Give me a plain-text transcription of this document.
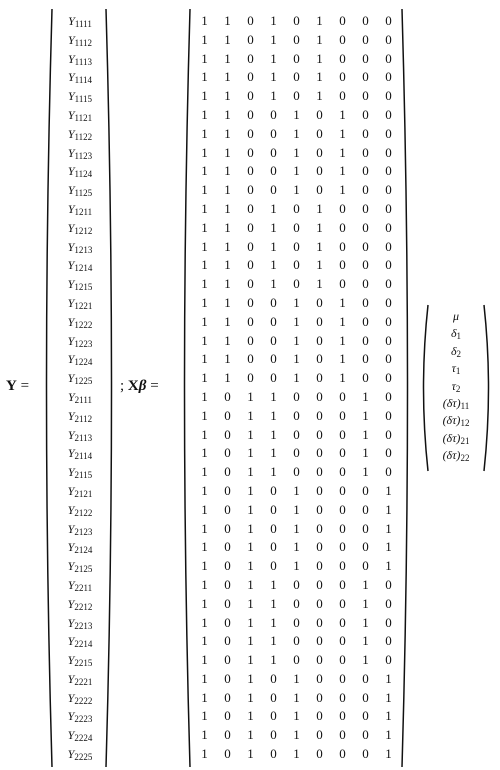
Y =
$Y_{1111}$
$Y_{1112}$
$Y_{1113}$
$Y_{1114}$
$Y_{1115}$
$Y_{1121}$
$Y_{1122}$
$Y_{1123}$
$Y_{1124}$
$Y_{1125}$
$Y_{1211}$
$Y_{1212}$
$Y_{1213}$
$Y_{1214}$
$Y_{1215}$
$Y_{1221}$
$Y_{1222}$
$Y_{1223}$
$Y_{1224}$
$Y_{1225}$
$Y_{2111}$
$Y_{2112}$
$Y_{2113}$
$Y_{2114}$
$Y_{2115}$
$Y_{2121}$
$Y_{2122}$
$Y_{2123}$
$Y_{2124}$
$Y_{2125}$
$Y_{2211}$
$Y_{2212}$
$Y_{2213}$
$Y_{2214}$
$Y_{2215}$
$Y_{2221}$
$Y_{2222}$
$Y_{2223}$
$Y_{2224}$
$Y_{2225}$
; Xβ =
1	1	0	1	0	1	0	0	0
1	1	0	1	0	1	0	0	0
1	1	0	1	0	1	0	0	0
1	1	0	1	0	1	0	0	0
1	1	0	1	0	1	0	0	0
1	1	0	0	1	0	1	0	0
1	1	0	0	1	0	1	0	0
1	1	0	0	1	0	1	0	0
1	1	0	0	1	0	1	0	0
1	1	0	0	1	0	1	0	0
1	1	0	1	0	1	0	0	0
1	1	0	1	0	1	0	0	0
1	1	0	1	0	1	0	0	0
1	1	0	1	0	1	0	0	0
1	1	0	1	0	1	0	0	0
1	1	0	0	1	0	1	0	0
1	1	0	0	1	0	1	0	0
1	1	0	0	1	0	1	0	0
1	1	0	0	1	0	1	0	0
1	1	0	0	1	0	1	0	0
1	0	1	1	0	0	0	1	0
1	0	1	1	0	0	0	1	0
1	0	1	1	0	0	0	1	0
1	0	1	1	0	0	0	1	0
1	0	1	1	0	0	0	1	0
1	0	1	0	1	0	0	0	1
1	0	1	0	1	0	0	0	1
1	0	1	0	1	0	0	0	1
1	0	1	0	1	0	0	0	1
1	0	1	0	1	0	0	0	1
1	0	1	1	0	0	0	1	0
1	0	1	1	0	0	0	1	0
1	0	1	1	0	0	0	1	0
1	0	1	1	0	0	0	1	0
1	0	1	1	0	0	0	1	0
1	0	1	0	1	0	0	0	1
1	0	1	0	1	0	0	0	1
1	0	1	0	1	0	0	0	1
1	0	1	0	1	0	0	0	1
1	0	1	0	1	0	0	0	1
μ
$\delta_1$
$\delta_2$
$\tau_1$
$\tau_2$
$(\delta\tau)_{11}$
$(\delta\tau)_{12}$
$(\delta\tau)_{21}$
$(\delta\tau)_{22}$
